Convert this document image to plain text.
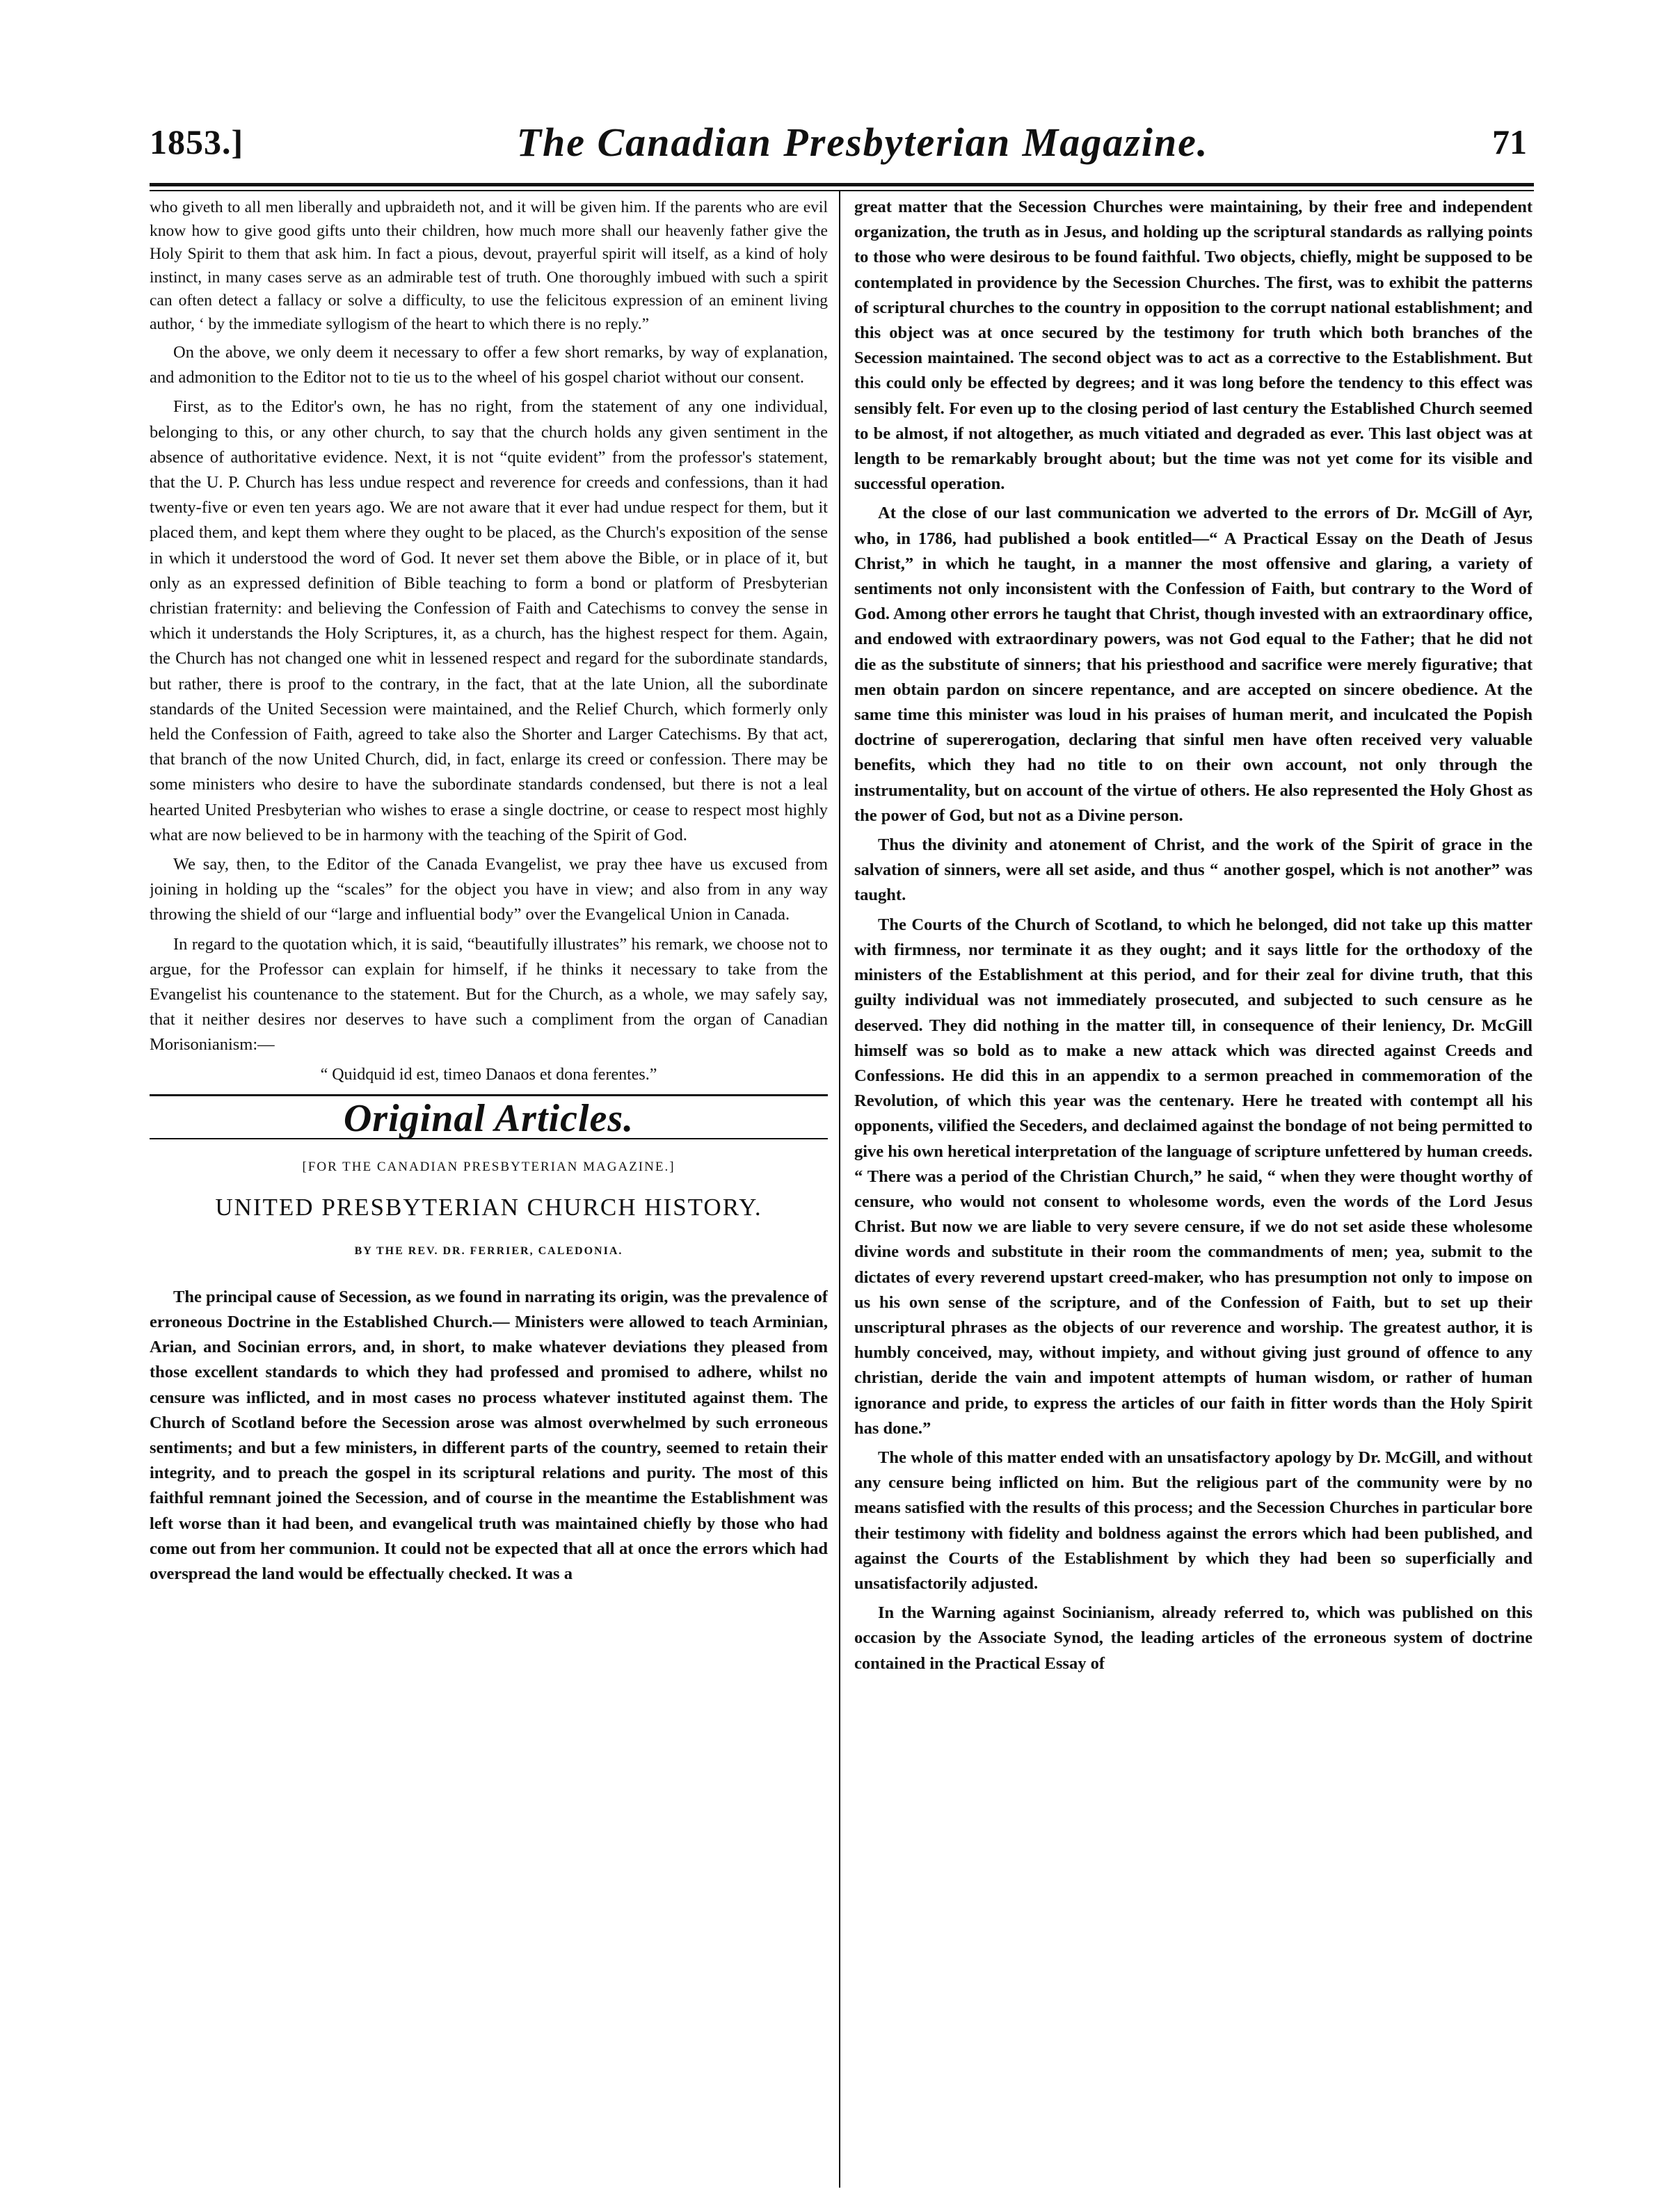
1853.]	The Canadian Presbyterian Magazine.	71

who giveth to all men liberally and upbraideth not, and it will be given him. If the parents who are evil know how to give good gifts unto their children, how much more shall our heavenly father give the Holy Spirit to them that ask him. In fact a pious, devout, prayerful spirit will itself, as a kind of holy instinct, in many cases serve as an admirable test of truth. One thoroughly imbued with such a spirit can often detect a fallacy or solve a difficulty, to use the felicitous expression of an eminent living author, ‘ by the immediate syllogism of the heart to which there is no reply.”

On the above, we only deem it necessary to offer a few short remarks, by way of explanation, and admonition to the Editor not to tie us to the wheel of his gospel chariot without our consent.

First, as to the Editor's own, he has no right, from the statement of any one individual, belonging to this, or any other church, to say that the church holds any given sentiment in the absence of authoritative evidence. Next, it is not “quite evident” from the professor's statement, that the U. P. Church has less undue respect and reverence for creeds and confessions, than it had twenty-five or even ten years ago. We are not aware that it ever had undue respect for them, but it placed them, and kept them where they ought to be placed, as the Church's exposition of the sense in which it understood the word of God. It never set them above the Bible, or in place of it, but only as an expressed definition of Bible teaching to form a bond or platform of Presbyterian christian fraternity: and believing the Confession of Faith and Catechisms to convey the sense in which it understands the Holy Scriptures, it, as a church, has the highest respect for them. Again, the Church has not changed one whit in lessened respect and regard for the subordinate standards, but rather, there is proof to the contrary, in the fact, that at the late Union, all the subordinate standards of the United Secession were maintained, and the Relief Church, which formerly only held the Confession of Faith, agreed to take also the Shorter and Larger Catechisms. By that act, that branch of the now United Church, did, in fact, enlarge its creed or confession. There may be some ministers who desire to have the subordinate standards condensed, but there is not a leal hearted United Presbyterian who wishes to erase a single doctrine, or cease to respect most highly what are now believed to be in harmony with the teaching of the Spirit of God.

We say, then, to the Editor of the Canada Evangelist, we pray thee have us excused from joining in holding up the “scales” for the object you have in view; and also from in any way throwing the shield of our “large and influential body” over the Evangelical Union in Canada.

In regard to the quotation which, it is said, “beautifully illustrates” his remark, we choose not to argue, for the Professor can explain for himself, if he thinks it necessary to take from the Evangelist his countenance to the statement. But for the Church, as a whole, we may safely say, that it neither desires nor deserves to have such a compliment from the organ of Canadian Morisonianism:—

“ Quidquid id est, timeo Danaos et dona ferentes.”

Original Articles.
[FOR THE CANADIAN PRESBYTERIAN MAGAZINE.]
UNITED PRESBYTERIAN CHURCH HISTORY.
BY THE REV. DR. FERRIER, CALEDONIA.

The principal cause of Secession, as we found in narrating its origin, was the prevalence of erroneous Doctrine in the Established Church.— Ministers were allowed to teach Arminian, Arian, and Socinian errors, and, in short, to make whatever deviations they pleased from those excellent standards to which they had professed and promised to adhere, whilst no censure was inflicted, and in most cases no process whatever instituted against them. The Church of Scotland before the Secession arose was almost overwhelmed by such erroneous sentiments; and but a few ministers, in different parts of the country, seemed to retain their integrity, and to preach the gospel in its scriptural relations and purity. The most of this faithful remnant joined the Secession, and of course in the meantime the Establishment was left worse than it had been, and evangelical truth was maintained chiefly by those who had come out from her communion. It could not be expected that all at once the errors which had overspread the land would be effectually checked. It was a

great matter that the Secession Churches were maintaining, by their free and independent organization, the truth as in Jesus, and holding up the scriptural standards as rallying points to those who were desirous to be found faithful. Two objects, chiefly, might be supposed to be contemplated in providence by the Secession Churches. The first, was to exhibit the patterns of scriptural churches to the country in opposition to the corrupt national establishment; and this object was at once secured by the testimony for truth which both branches of the Secession maintained. The second object was to act as a corrective to the Establishment. But this could only be effected by degrees; and it was long before the tendency to this effect was sensibly felt. For even up to the closing period of last century the Established Church seemed to be almost, if not altogether, as much vitiated and degraded as ever. This last object was at length to be remarkably brought about; but the time was not yet come for its visible and successful operation.

At the close of our last communication we adverted to the errors of Dr. McGill of Ayr, who, in 1786, had published a book entitled—“ A Practical Essay on the Death of Jesus Christ,” in which he taught, in a manner the most offensive and glaring, a variety of sentiments not only inconsistent with the Confession of Faith, but contrary to the Word of God. Among other errors he taught that Christ, though invested with an extraordinary office, and endowed with extraordinary powers, was not God equal to the Father; that he did not die as the substitute of sinners; that his priesthood and sacrifice were merely figurative; that men obtain pardon on sincere repentance, and are accepted on sincere obedience. At the same time this minister was loud in his praises of human merit, and inculcated the Popish doctrine of supererogation, declaring that sinful men have often received very valuable benefits, which they had no title to on their own account, not only through the instrumentality, but on account of the virtue of others. He also represented the Holy Ghost as the power of God, but not as a Divine person.

Thus the divinity and atonement of Christ, and the work of the Spirit of grace in the salvation of sinners, were all set aside, and thus “ another gospel, which is not another” was taught.

The Courts of the Church of Scotland, to which he belonged, did not take up this matter with firmness, nor terminate it as they ought; and it says little for the orthodoxy of the ministers of the Establishment at this period, and for their zeal for divine truth, that this guilty individual was not immediately prosecuted, and subjected to such censure as he deserved. They did nothing in the matter till, in consequence of their leniency, Dr. McGill himself was so bold as to make a new attack which was directed against Creeds and Confessions. He did this in an appendix to a sermon preached in commemoration of the Revolution, of which this year was the centenary. Here he treated with contempt all his opponents, vilified the Seceders, and declaimed against the bondage of not being permitted to give his own heretical interpretation of the language of scripture unfettered by human creeds. “ There was a period of the Christian Church,” he said, “ when they were thought worthy of censure, who would not consent to wholesome words, even the words of the Lord Jesus Christ. But now we are liable to very severe censure, if we do not set aside these wholesome divine words and substitute in their room the commandments of men; yea, submit to the dictates of every reverend upstart creed-maker, who has presumption not only to impose on us his own sense of the scripture, and of the Confession of Faith, but to set up their unscriptural phrases as the objects of our reverence and worship. The greatest author, it is humbly conceived, may, without impiety, and without giving just ground of offence to any christian, deride the vain and impotent attempts of human wisdom, or rather of human ignorance and pride, to express the articles of our faith in fitter words than the Holy Spirit has done.”

The whole of this matter ended with an unsatisfactory apology by Dr. McGill, and without any censure being inflicted on him. But the religious part of the community were by no means satisfied with the results of this process; and the Secession Churches in particular bore their testimony with fidelity and boldness against the errors which had been published, and against the Courts of the Establishment by which they had been so superficially and unsatisfactorily adjusted.

In the Warning against Socinianism, already referred to, which was published on this occasion by the Associate Synod, the leading articles of the erroneous system of doctrine contained in the Practical Essay of
